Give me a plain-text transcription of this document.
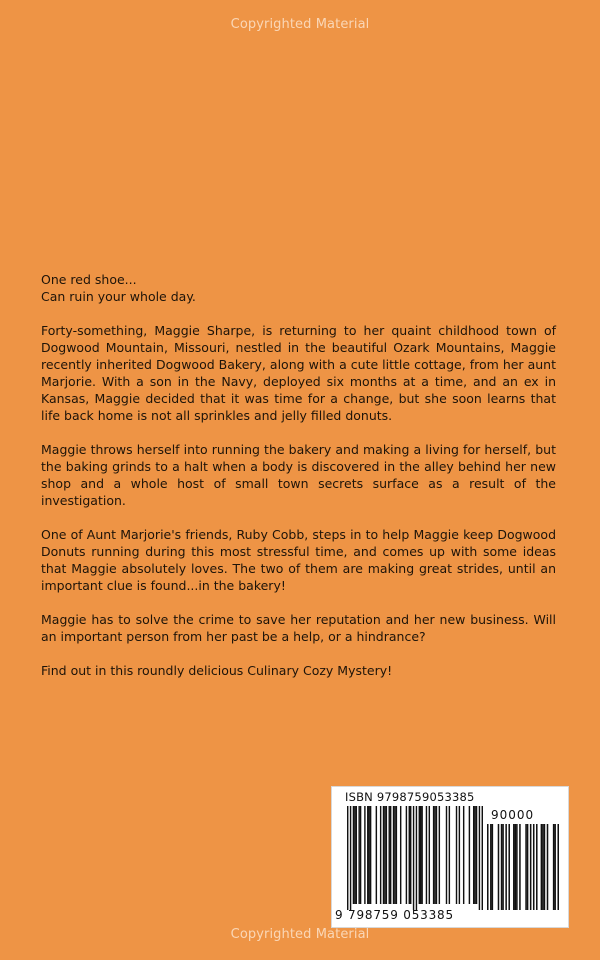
Copyrighted Material

One red shoe...
Can ruin your whole day.

Forty-something, Maggie Sharpe, is returning to her quaint childhood town of Dogwood Mountain, Missouri, nestled in the beautiful Ozark Mountains, Maggie recently inherited Dogwood Bakery, along with a cute little cottage, from her aunt Marjorie. With a son in the Navy, deployed six months at a time, and an ex in Kansas, Maggie decided that it was time for a change, but she soon learns that life back home is not all sprinkles and jelly filled donuts.

Maggie throws herself into running the bakery and making a living for herself, but the baking grinds to a halt when a body is discovered in the alley behind her new shop and a whole host of small town secrets surface as a result of the investigation.

One of Aunt Marjorie's friends, Ruby Cobb, steps in to help Maggie keep Dogwood Donuts running during this most stressful time, and comes up with some ideas that Maggie absolutely loves. The two of them are making great strides, until an important clue is found...in the bakery!

Maggie has to solve the crime to save her reputation and her new business. Will an important person from her past be a help, or a hindrance?

Find out in this roundly delicious Culinary Cozy Mystery!

ISBN 9798759053385
90000
9 798759 053385
Copyrighted Material
